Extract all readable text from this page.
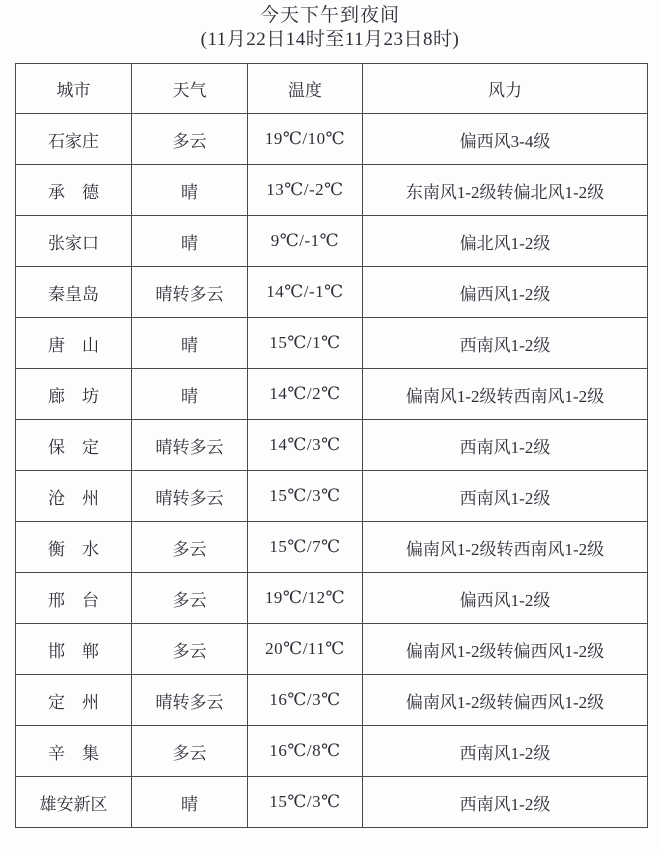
今天下午到夜间
(11月22日14时至11月23日8时)
城市	天气	温度	风力
石家庄	多云	19℃/10℃	偏西风3-4级
承　德	晴	13℃/-2℃	东南风1-2级转偏北风1-2级
张家口	晴	9℃/-1℃	偏北风1-2级
秦皇岛	晴转多云	14℃/-1℃	偏西风1-2级
唐　山	晴	15℃/1℃	西南风1-2级
廊　坊	晴	14℃/2℃	偏南风1-2级转西南风1-2级
保　定	晴转多云	14℃/3℃	西南风1-2级
沧　州	晴转多云	15℃/3℃	西南风1-2级
衡　水	多云	15℃/7℃	偏南风1-2级转西南风1-2级
邢　台	多云	19℃/12℃	偏西风1-2级
邯　郸	多云	20℃/11℃	偏南风1-2级转偏西风1-2级
定　州	晴转多云	16℃/3℃	偏南风1-2级转偏西风1-2级
辛　集	多云	16℃/8℃	西南风1-2级
雄安新区	晴	15℃/3℃	西南风1-2级
